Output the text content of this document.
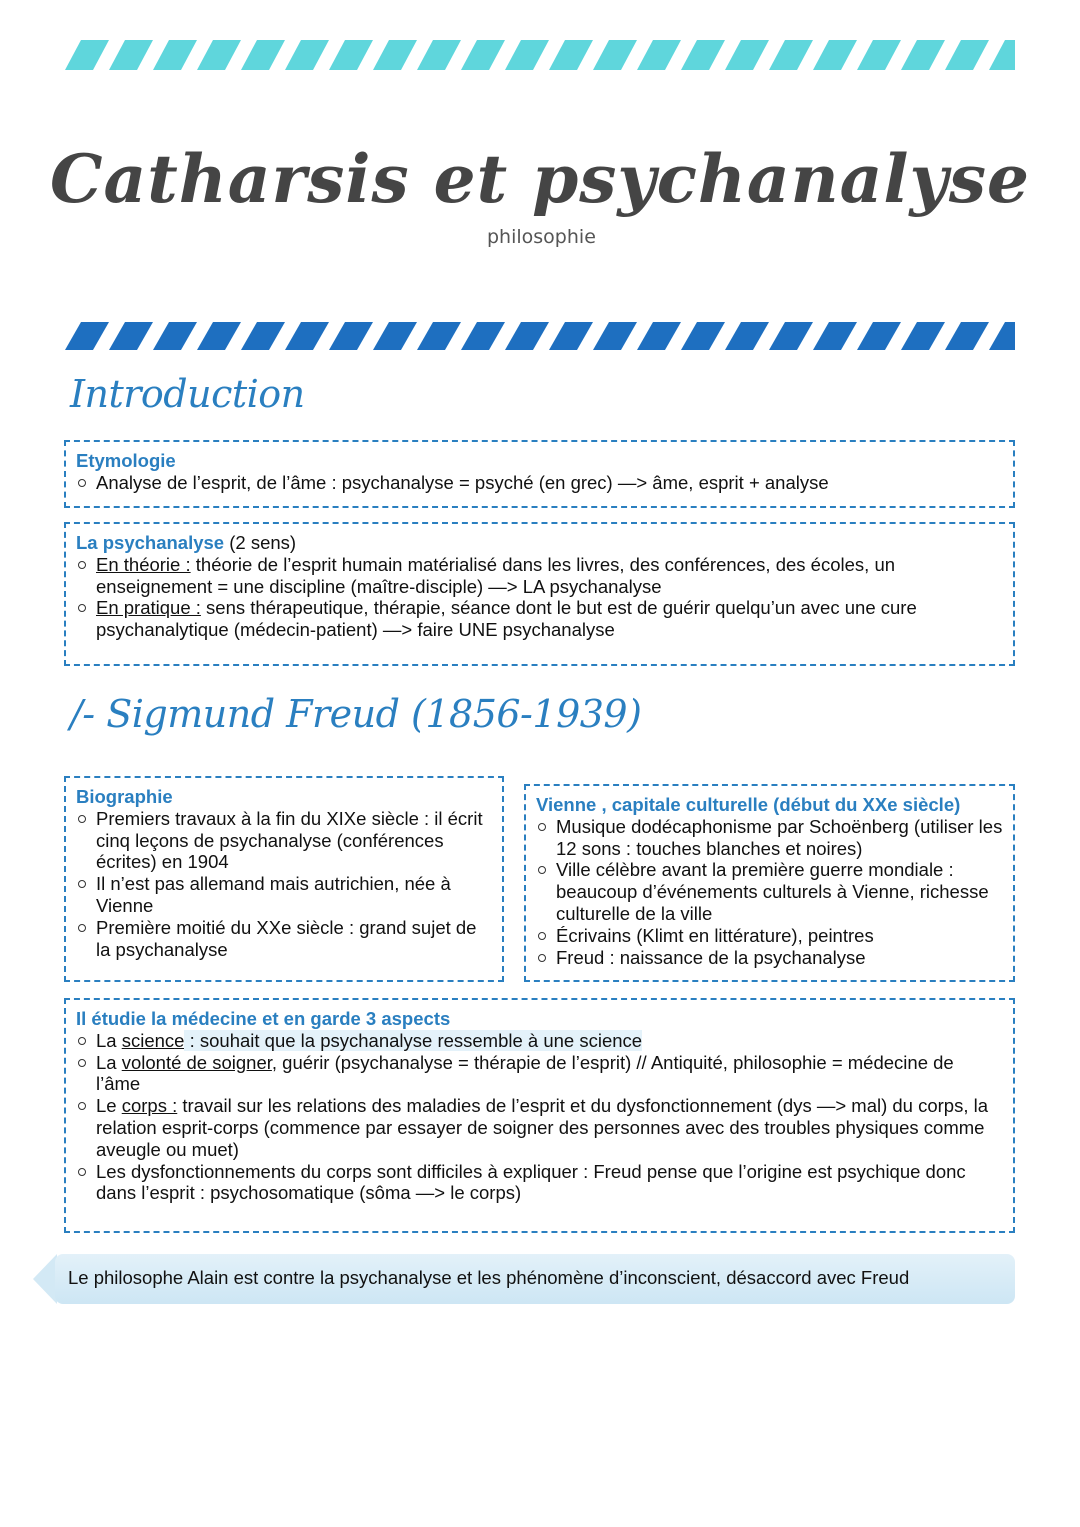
Catharsis et psychanalyse
philosophie
Introduction
Etymologie
Analyse de l’esprit, de l’âme : psychanalyse = psyché (en grec) —> âme, esprit + analyse
La psychanalyse (2 sens)
En théorie : théorie de l’esprit humain matérialisé dans les livres, des conférences, des écoles, un enseignement = une discipline (maître-disciple) —> LA psychanalyse
En pratique : sens thérapeutique, thérapie, séance dont le but est de guérir quelqu’un avec une cure psychanalytique (médecin-patient) —> faire UNE psychanalyse
/- Sigmund Freud (1856-1939)
Biographie
Premiers travaux à la fin du XIXe siècle : il écrit cinq leçons de psychanalyse (conférences écrites) en 1904
Il n’est pas allemand mais autrichien, née à Vienne
Première moitié du XXe siècle : grand sujet de la psychanalyse
Vienne , capitale culturelle (début du XXe siècle)
Musique dodécaphonisme par Schoënberg (utiliser les 12 sons : touches blanches et noires)
Ville célèbre avant la première guerre mondiale : beaucoup d’événements culturels à Vienne, richesse culturelle de la ville
Écrivains (Klimt en littérature), peintres
Freud : naissance de la psychanalyse
Il étudie la médecine et en garde 3 aspects
La science : souhait que la psychanalyse ressemble à une science
La volonté de soigner, guérir (psychanalyse = thérapie de l’esprit) // Antiquité, philosophie = médecine de l’âme
Le corps : travail sur les relations des maladies de l’esprit et du dysfonctionnement (dys —> mal) du corps, la relation esprit-corps (commence par essayer de soigner des personnes avec des troubles physiques comme aveugle ou muet)
Les dysfonctionnements du corps sont difficiles à expliquer : Freud pense que l’origine est psychique donc dans l’esprit : psychosomatique (sôma —> le corps)
Le philosophe Alain est contre la psychanalyse et les phénomène d’inconscient, désaccord avec Freud
